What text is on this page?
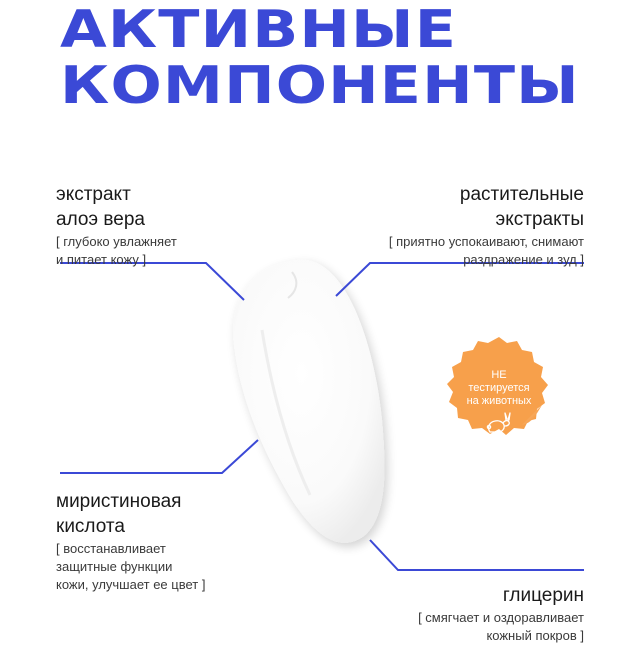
АКТИВНЫЕ
КОМПОНЕНТЫ
экстракт
алоэ вера
[ глубоко увлажняет
и питает кожу ]
растительные
экстракты
[ приятно успокаивают, снимают
раздражение и зуд ]
миристиновая
кислота
[ восстанавливает
защитные функции
кожи, улучшает ее цвет ]
глицерин
[ смягчает и оздоравливает
кожный покров ]
НЕ
тестируется
на животных
